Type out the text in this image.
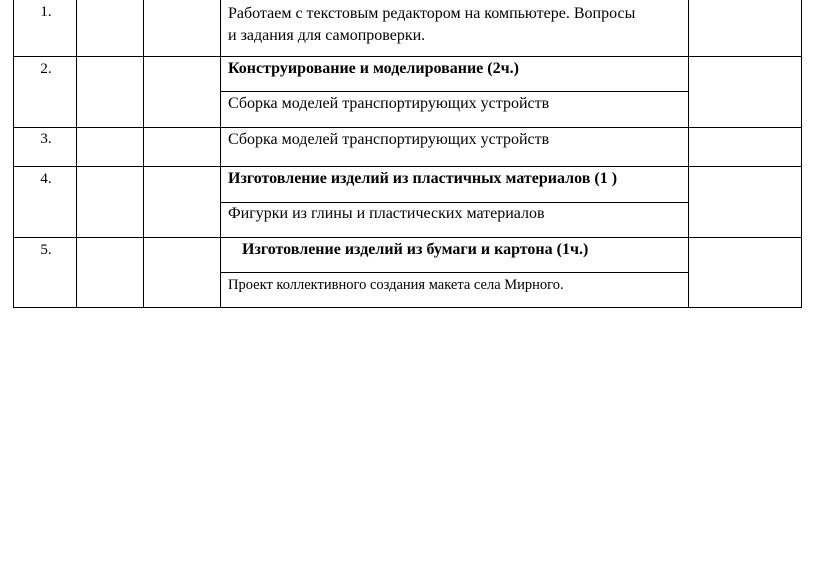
1.	Работаем с текстовым редактором на компьютере. Вопросы
и задания для самопроверки.
2.	Конструирование и моделирование (2ч.)
Сборка моделей транспортирующих устройств
3.	Сборка моделей транспортирующих устройств
4.	Изготовление изделий из пластичных материалов (1 )
Фигурки из глины и пластических материалов
5.	Изготовление изделий из бумаги и картона (1ч.)
Проект коллективного создания макета села Мирного.
